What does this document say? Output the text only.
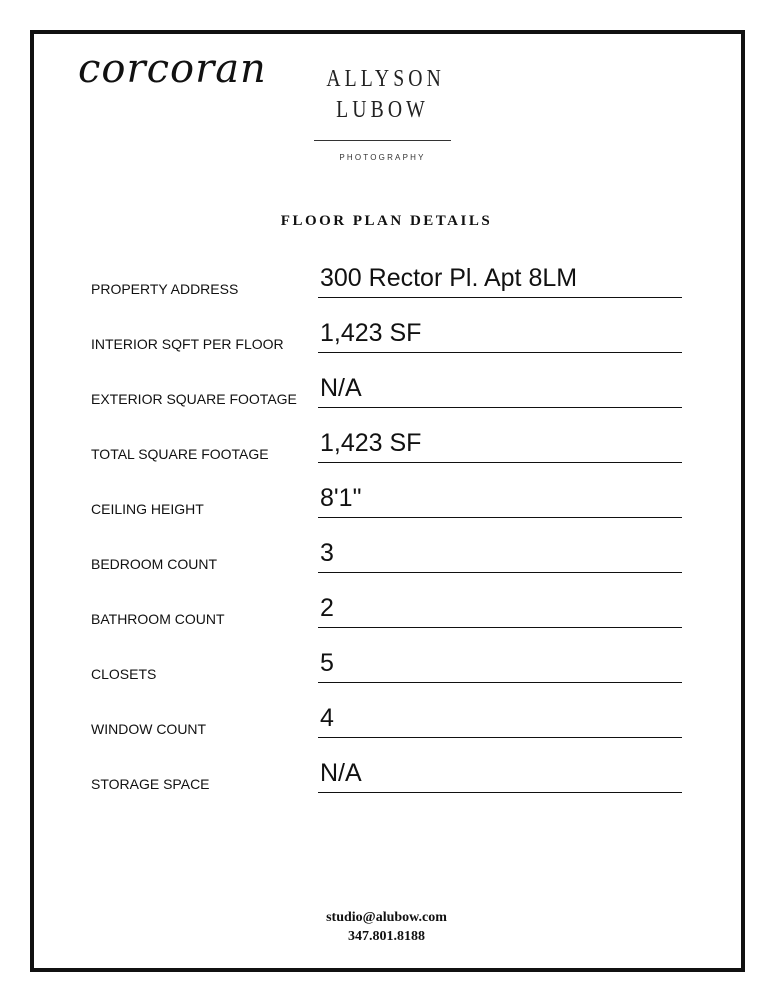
corcoran ALLYSON
LUBOW
PHOTOGRAPHY
FLOOR PLAN DETAILS
PROPERTY ADDRESS	300 Rector Pl. Apt 8LM
INTERIOR SQFT PER FLOOR 1,423 SF
EXTERIOR SQUARE FOOTAGE N/A
TOTAL SQUARE FOOTAGE 1,423 SF
CEILING HEIGHT	8'1"
BEDROOM COUNT	3
BATHROOM COUNT	2
CLOSETS	5
WINDOW COUNT	4
STORAGE SPACE	N/A
studio@alubow.com
347.801.8188
